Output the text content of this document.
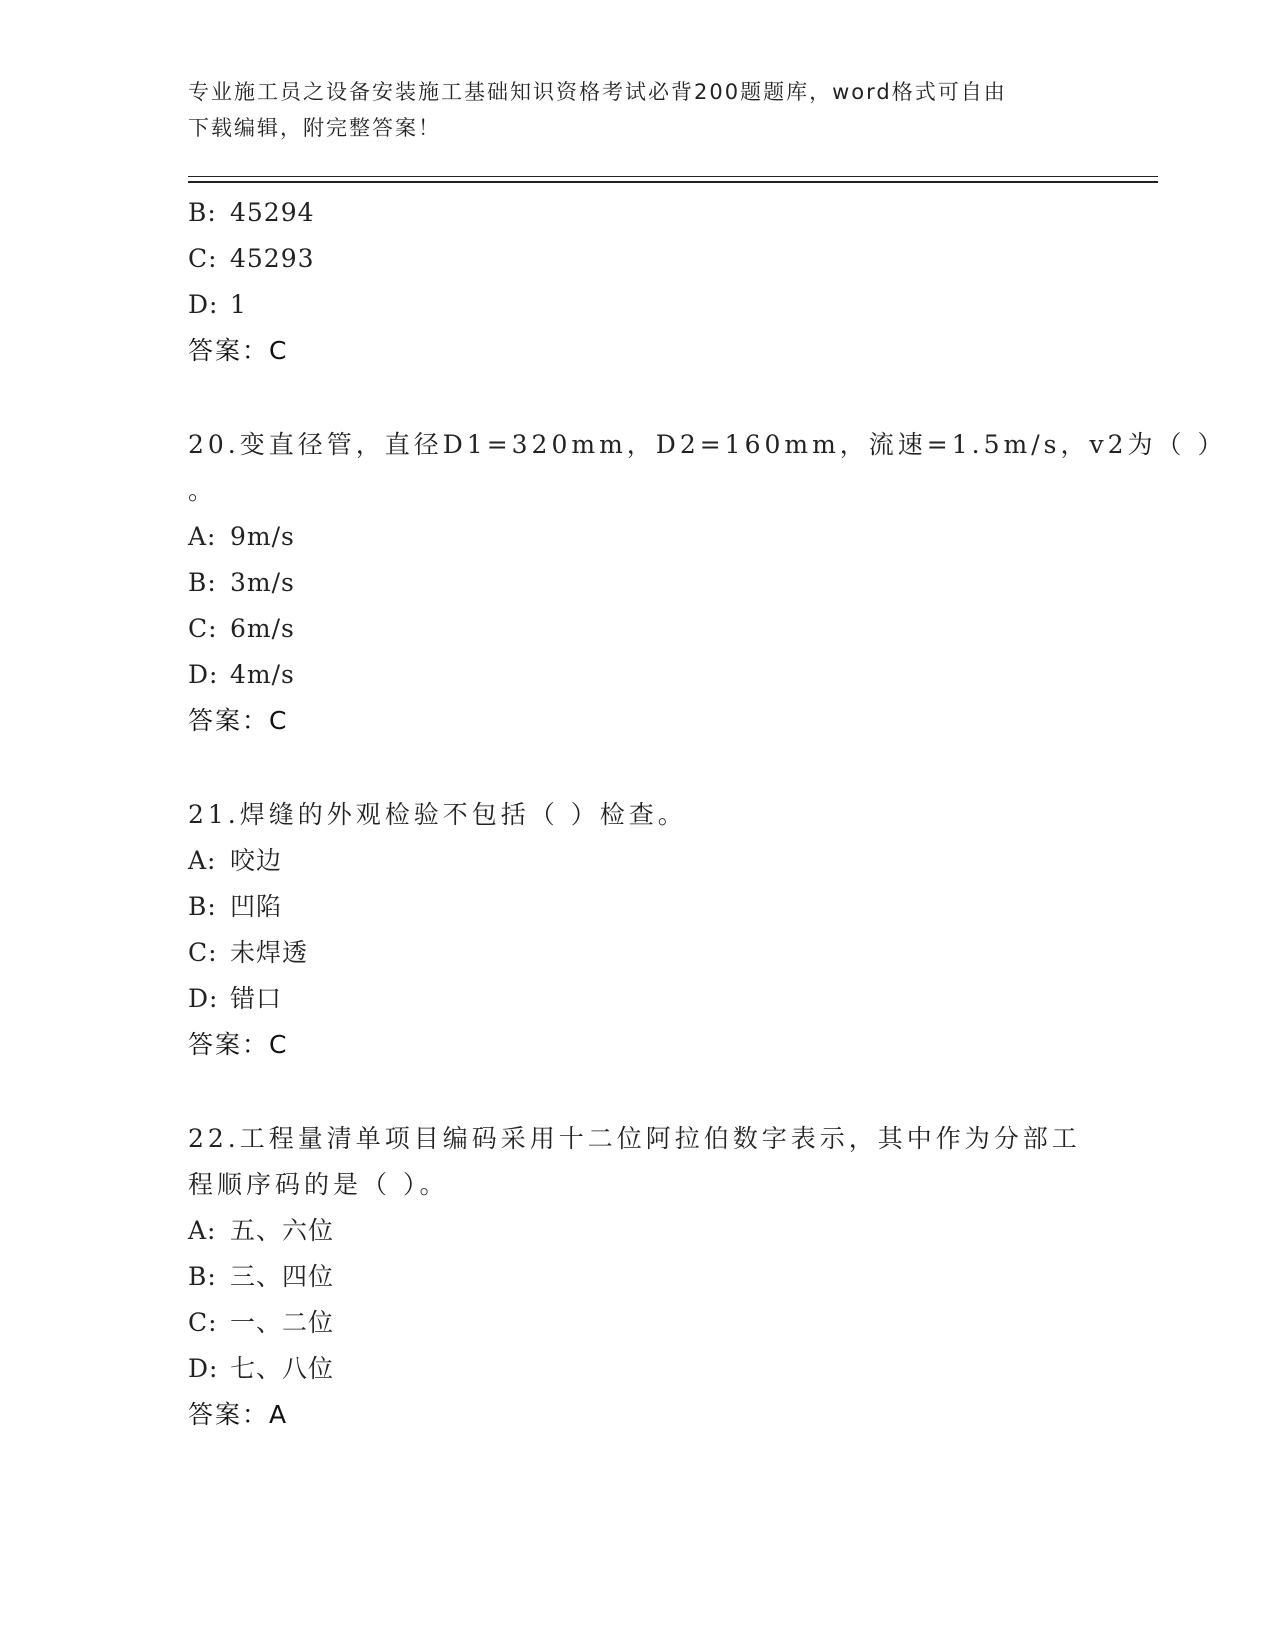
专业施工员之设备安装施工基础知识资格考试必背200题题库，word格式可自由
下载编辑，附完整答案！
B: 45294
C: 45293
D: 1
答案：C
20.变直径管，直径D1=320mm，D2=160mm，流速=1.5m/s，v2为（ ）
。
A: 9m/s
B: 3m/s
C: 6m/s
D: 4m/s
答案：C
21.焊缝的外观检验不包括（ ）检查。
A: 咬边
B: 凹陷
C: 未焊透
D: 错口
答案：C
22.工程量清单项目编码采用十二位阿拉伯数字表示，其中作为分部工
程顺序码的是（ ）。
A: 五、六位
B: 三、四位
C: 一、二位
D: 七、八位
答案：A
